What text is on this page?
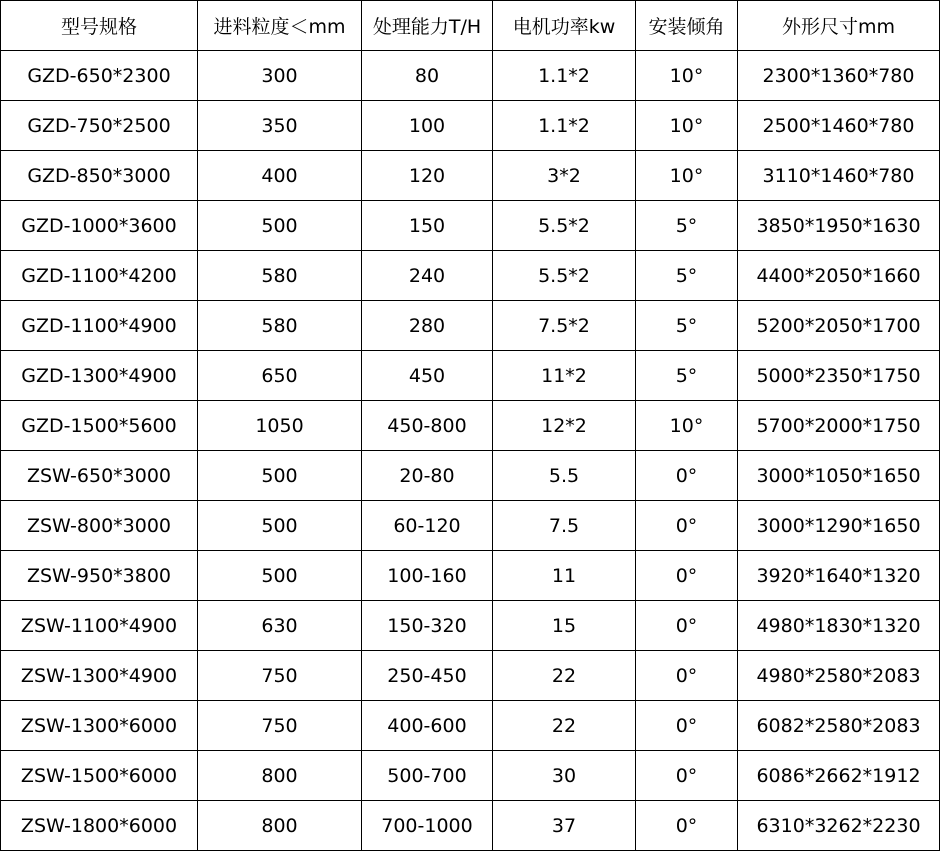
型号规格	进料粒度＜mm	处理能力T/H	电机功率kw	安装倾角	外形尺寸mm
GZD-650*2300	300	80	1.1*2	10°	2300*1360*780
GZD-750*2500	350	100	1.1*2	10°	2500*1460*780
GZD-850*3000	400	120	3*2	10°	3110*1460*780
GZD-1000*3600	500	150	5.5*2	5°	3850*1950*1630
GZD-1100*4200	580	240	5.5*2	5°	4400*2050*1660
GZD-1100*4900	580	280	7.5*2	5°	5200*2050*1700
GZD-1300*4900	650	450	11*2	5°	5000*2350*1750
GZD-1500*5600	1050	450-800	12*2	10°	5700*2000*1750
ZSW-650*3000	500	20-80	5.5	0°	3000*1050*1650
ZSW-800*3000	500	60-120	7.5	0°	3000*1290*1650
ZSW-950*3800	500	100-160	11	0°	3920*1640*1320
ZSW-1100*4900	630	150-320	15	0°	4980*1830*1320
ZSW-1300*4900	750	250-450	22	0°	4980*2580*2083
ZSW-1300*6000	750	400-600	22	0°	6082*2580*2083
ZSW-1500*6000	800	500-700	30	0°	6086*2662*1912
ZSW-1800*6000	800	700-1000	37	0°	6310*3262*2230
